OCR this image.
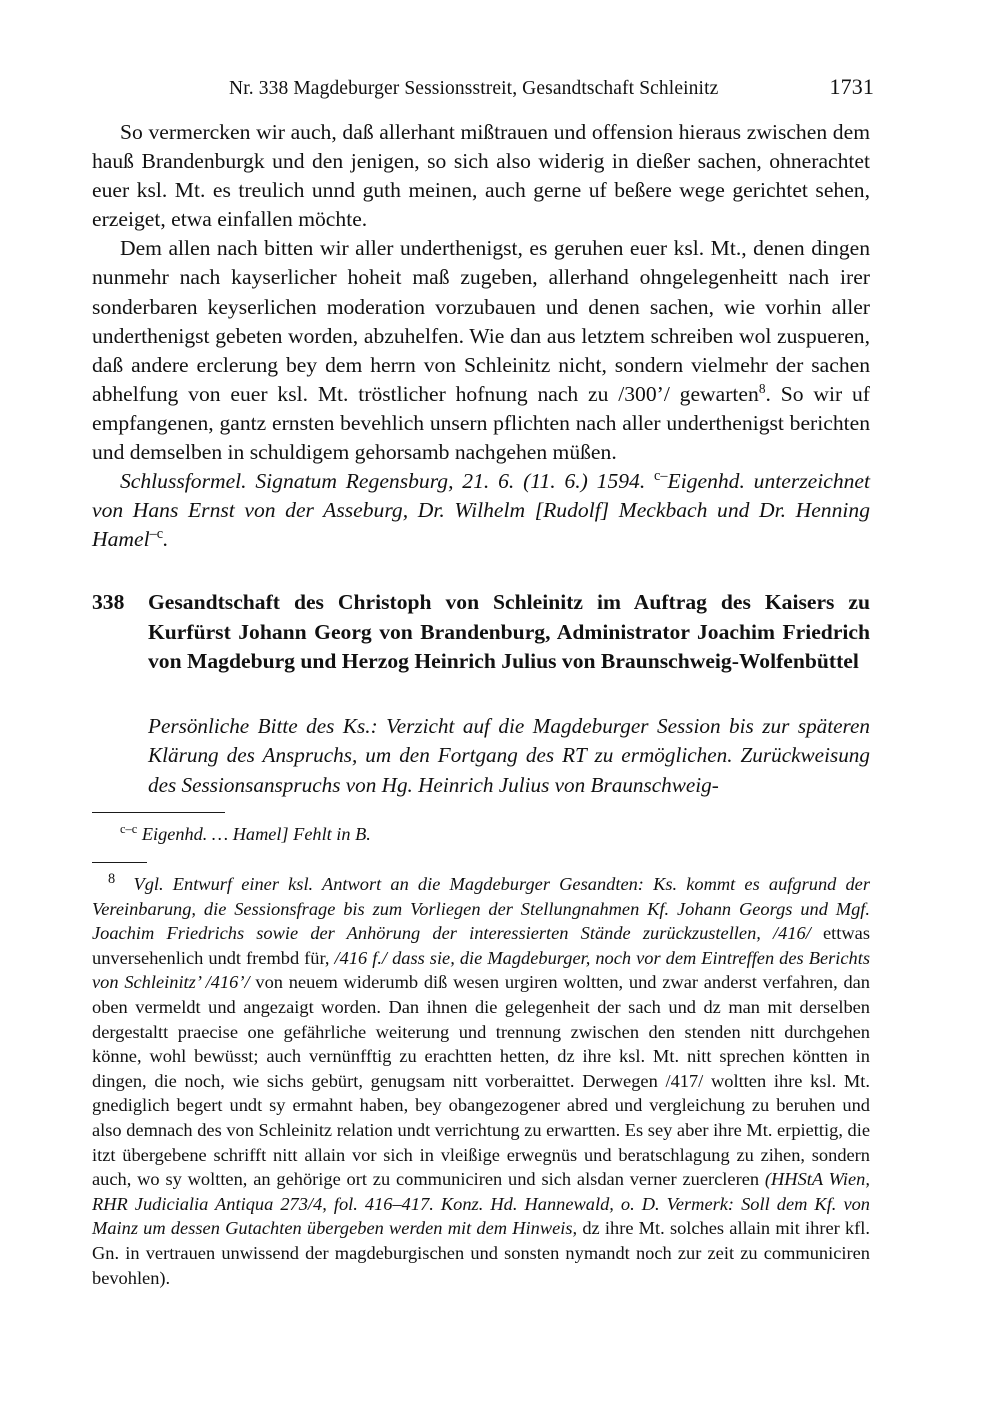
Nr. 338 Magdeburger Sessionsstreit, Gesandtschaft Schleinitz	1731

So vermercken wir auch, daß allerhant mißtrauen und offension hieraus zwischen dem hauß Brandenburgk und den jenigen, so sich also widerig in dießer sachen, ohnerachtet euer ksl. Mt. es treulich unnd guth meinen, auch gerne uf beßere wege gerichtet sehen, erzeiget, etwa einfallen möchte.

Dem allen nach bitten wir aller underthenigst, es geruhen euer ksl. Mt., denen dingen nunmehr nach kayserlicher hoheit maß zugeben, allerhand ohngelegenheitt nach irer sonderbaren keyserlichen moderation vorzubauen und denen sachen, wie vorhin aller underthenigst gebeten worden, abzuhelfen. Wie dan aus letztem schreiben wol zuspueren, daß andere erclerung bey dem herrn von Schleinitz nicht, sondern vielmehr der sachen abhelfung von euer ksl. Mt. tröstlicher hofnung nach zu /300’/ gewarten$^8$. So wir uf empfangenen, gantz ernsten bevehlich unsern pflichten nach aller underthenigst berichten und demselben in schuldigem gehorsamb nachgehen müßen.

Schlussformel. Signatum Regensburg, 21. 6. (11. 6.) 1594. $^{c-}$Eigenhd. unterzeichnet von Hans Ernst von der Asseburg, Dr. Wilhelm [Rudolf] Meckbach und Dr. Henning Hamel$^{-c}$.

338	Gesandtschaft des Christoph von Schleinitz im Auftrag des Kaisers zu Kurfürst Johann Georg von Brandenburg, Administrator Joachim Friedrich von Magdeburg und Herzog Heinrich Julius von Braunschweig-Wolfenbüttel
Persönliche Bitte des Ks.: Verzicht auf die Magdeburger Session bis zur späteren Klärung des Anspruchs, um den Fortgang des RT zu ermöglichen. Zurückweisung des Sessionsanspruchs von Hg. Heinrich Julius von Braunschweig-

$^{c-c}$ Eigenhd. … Hamel] Fehlt in B.

$^8$ Vgl. Entwurf einer ksl. Antwort an die Magdeburger Gesandten: Ks. kommt es aufgrund der Vereinbarung, die Sessionsfrage bis zum Vorliegen der Stellungnahmen Kf. Johann Georgs und Mgf. Joachim Friedrichs sowie der Anhörung der interessierten Stände zurückzustellen, /416/ ettwas unversehenlich undt frembd für, /416 f./ dass sie, die Magdeburger, noch vor dem Eintreffen des Berichts von Schleinitz’ /416’/ von neuem widerumb diß wesen urgiren woltten, und zwar anderst verfahren, dan oben vermeldt und angezaigt worden. Dan ihnen die gelegenheit der sach und dz man mit derselben dergestaltt praecise one gefährliche weiterung und trennung zwischen den stenden nitt durchgehen könne, wohl bewüsst; auch vernünfftig zu erachtten hetten, dz ihre ksl. Mt. nitt sprechen köntten in dingen, die noch, wie sichs gebürt, genugsam nitt vorberaittet. Derwegen /417/ woltten ihre ksl. Mt. gnediglich begert undt sy ermahnt haben, bey obangezogener abred und vergleichung zu beruhen und also demnach des von Schleinitz relation undt verrichtung zu erwartten. Es sey aber ihre Mt. erpiettig, die itzt übergebene schrifft nitt allain vor sich in vleißige erwegnüs und beratschlagung zu zihen, sondern auch, wo sy woltten, an gehörige ort zu communiciren und sich alsdan verner zuercleren (HHStA Wien, RHR Judicialia Antiqua 273/4, fol. 416–417. Konz. Hd. Hannewald, o. D. Vermerk: Soll dem Kf. von Mainz um dessen Gutachten übergeben werden mit dem Hinweis, dz ihre Mt. solches allain mit ihrer kfl. Gn. in vertrauen unwissend der magdeburgischen und sonsten nymandt noch zur zeit zu communiciren bevohlen).
